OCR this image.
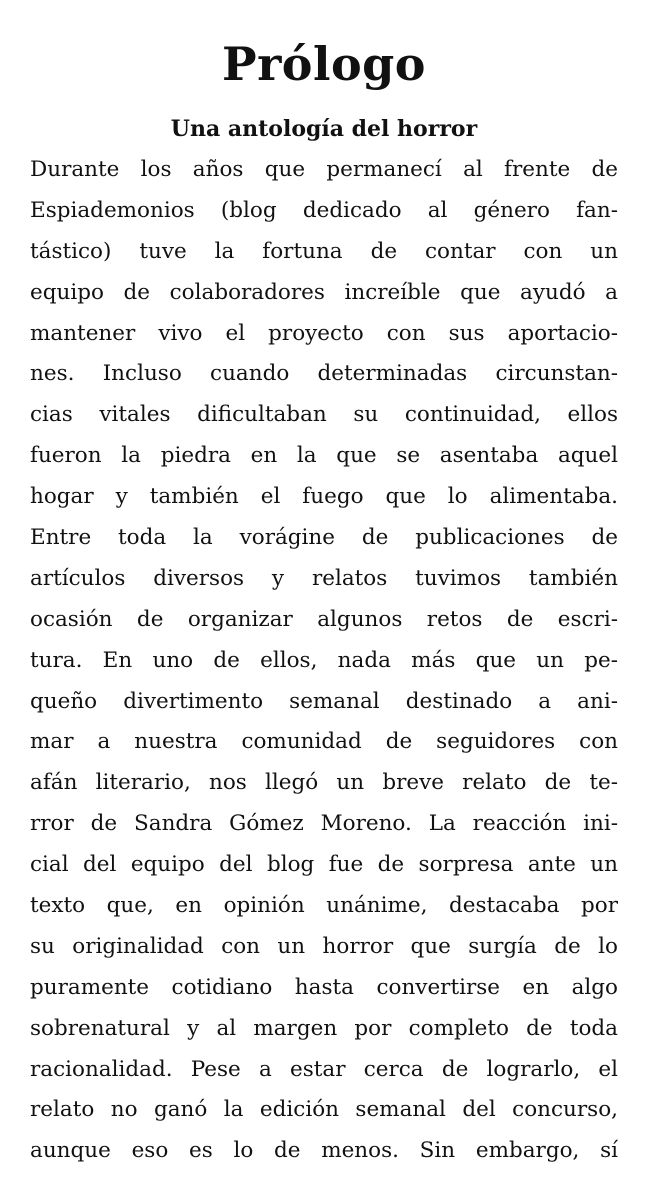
Prólogo
Una antología del horror
Durante los años que permanecí al frente de
Espiademonios (blog dedicado al género fan-
tástico) tuve la fortuna de contar con un
equipo de colaboradores increíble que ayudó a
mantener vivo el proyecto con sus aportacio-
nes. Incluso cuando determinadas circunstan-
cias vitales dificultaban su continuidad, ellos
fueron la piedra en la que se asentaba aquel
hogar y también el fuego que lo alimentaba.
Entre toda la vorágine de publicaciones de
artículos diversos y relatos tuvimos también
ocasión de organizar algunos retos de escri-
tura. En uno de ellos, nada más que un pe-
queño divertimento semanal destinado a ani-
mar a nuestra comunidad de seguidores con
afán literario, nos llegó un breve relato de te-
rror de Sandra Gómez Moreno. La reacción ini-
cial del equipo del blog fue de sorpresa ante un
texto que, en opinión unánime, destacaba por
su originalidad con un horror que surgía de lo
puramente cotidiano hasta convertirse en algo
sobrenatural y al margen por completo de toda
racionalidad. Pese a estar cerca de lograrlo, el
relato no ganó la edición semanal del concurso,
aunque eso es lo de menos. Sin embargo, sí
